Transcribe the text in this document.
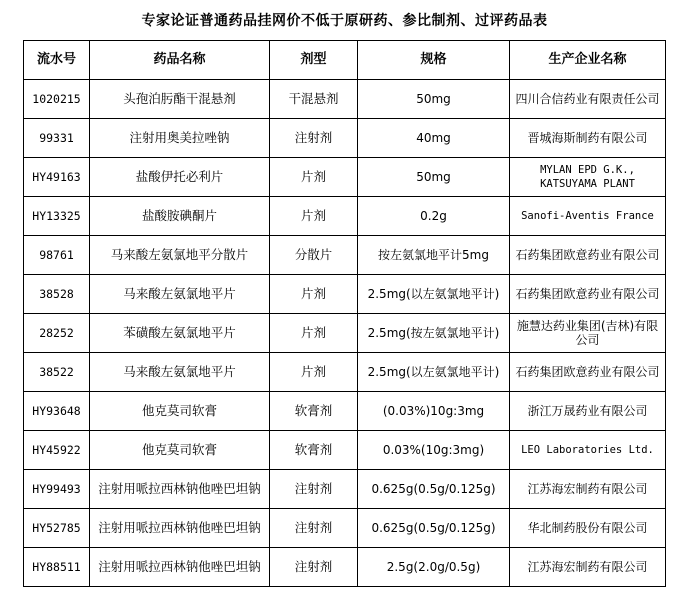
专家论证普通药品挂网价不低于原研药、参比制剂、过评药品表
流水号	药品名称	剂型	规格	生产企业名称
1020215	头孢泊肟酯干混悬剂	干混悬剂	50mg	四川合信药业有限责任公司
99331	注射用奥美拉唑钠	注射剂	40mg	晋城海斯制药有限公司
HY49163	盐酸伊托必利片	片剂	50mg	MYLAN EPD G.K., KATSUYAMA PLANT
HY13325	盐酸胺碘酮片	片剂	0.2g	Sanofi-Aventis France
98761	马来酸左氨氯地平分散片	分散片	按左氨氯地平计5mg	石药集团欧意药业有限公司
38528	马来酸左氨氯地平片	片剂	2.5mg(以左氨氯地平计)	石药集团欧意药业有限公司
28252	苯磺酸左氨氯地平片	片剂	2.5mg(按左氨氯地平计)	施慧达药业集团(吉林)有限公司
38522	马来酸左氨氯地平片	片剂	2.5mg(以左氨氯地平计)	石药集团欧意药业有限公司
HY93648	他克莫司软膏	软膏剂	(0.03%)10g:3mg	浙江万晟药业有限公司
HY45922	他克莫司软膏	软膏剂	0.03%(10g:3mg)	LEO Laboratories Ltd.
HY99493	注射用哌拉西林钠他唑巴坦钠	注射剂	0.625g(0.5g/0.125g)	江苏海宏制药有限公司
HY52785	注射用哌拉西林钠他唑巴坦钠	注射剂	0.625g(0.5g/0.125g)	华北制药股份有限公司
HY88511	注射用哌拉西林钠他唑巴坦钠	注射剂	2.5g(2.0g/0.5g)	江苏海宏制药有限公司
